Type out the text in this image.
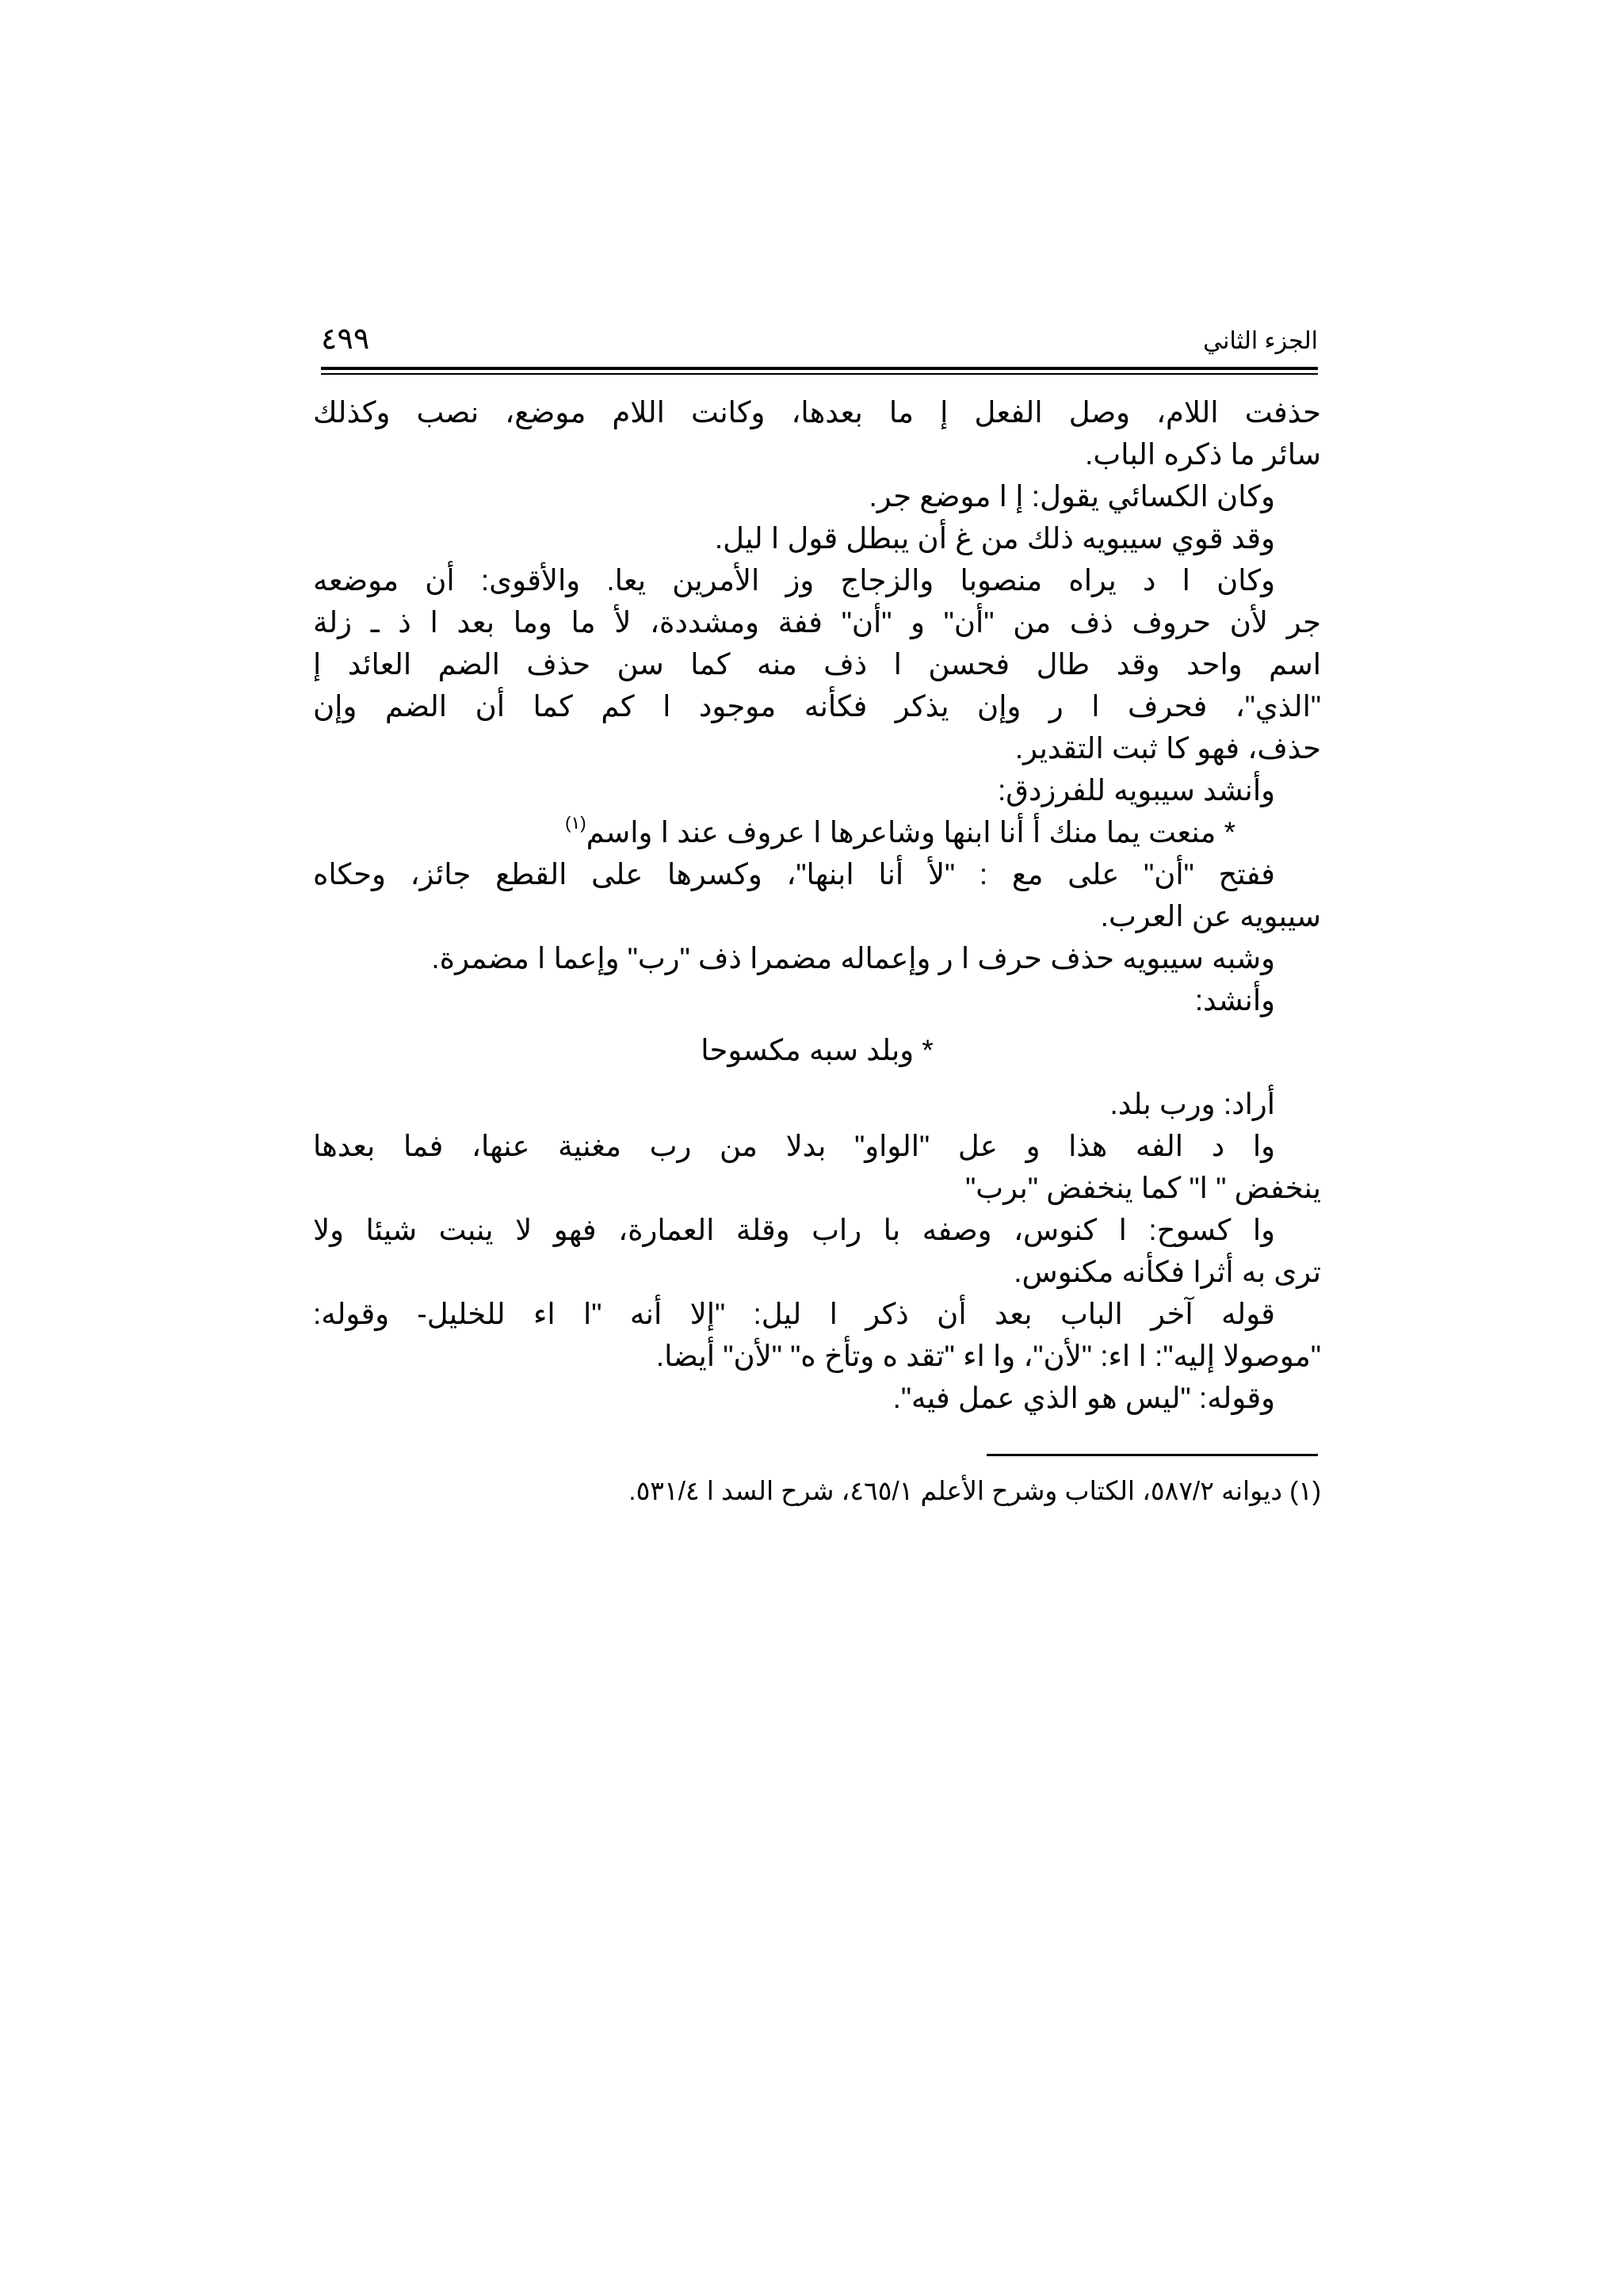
الجزء الثاني
٤٩٩
حذفت اللام، وصل الفعل إ ما بعدها، وكانت اللام موضع، نصب وكذلك
سائر ما ذكره الباب.
وكان الكسائي يقول: إ ا موضع جر.
وقد قوي سيبويه ذلك من غ أن يبطل قول ا ليل.
وكان ا د يراه منصوبا والزجاج وز الأمرين يعا. والأقوى: أن موضعه
جر لأن حروف ذف من "أن" و "أن" ففة ومشددة، لأ ما وما بعد ا ذ ـ زلة
اسم واحد وقد طال فحسن ا ذف منه كما سن حذف الضم العائد إ
"الذي"، فحرف ا ر وإن يذكر فكأنه موجود ا كم كما أن الضم وإن
حذف، فهو كا ثبت التقدير.
وأنشد سيبويه للفرزدق:
* منعت يما منك أ أنا ابنها وشاعرها ا عروف عند ا واسم$^{(١)}$
ففتح "أن" على مع : "لأ أنا ابنها"، وكسرها على القطع جائز، وحكاه
سيبويه عن العرب.
وشبه سيبويه حذف حرف ا ر وإعماله مضمرا ذف "رب" وإعما ا مضمرة.
وأنشد:
* وبلد سبه مكسوحا
أراد: ورب بلد.
وا د الفه هذا و عل "الواو" بدلا من رب مغنية عنها، فما بعدها
ينخفض " ا" كما ينخفض "برب"
وا كسوح: ا كنوس، وصفه با راب وقلة العمارة، فهو لا ينبت شيئا ولا
ترى به أثرا فكأنه مكنوس.
قوله آخر الباب بعد أن ذكر ا ليل: "إلا أنه "ا اء للخليل- وقوله:
"موصولا إليه": ا اء: "لأن"، وا اء "تقد ه وتأخ ه" "لأن" أيضا.
وقوله: "ليس هو الذي عمل فيه".
(١) ديوانه ٥٨٧/٢، الكتاب وشرح الأعلم ٤٦٥/١، شرح السد ا ٥٣١/٤.
